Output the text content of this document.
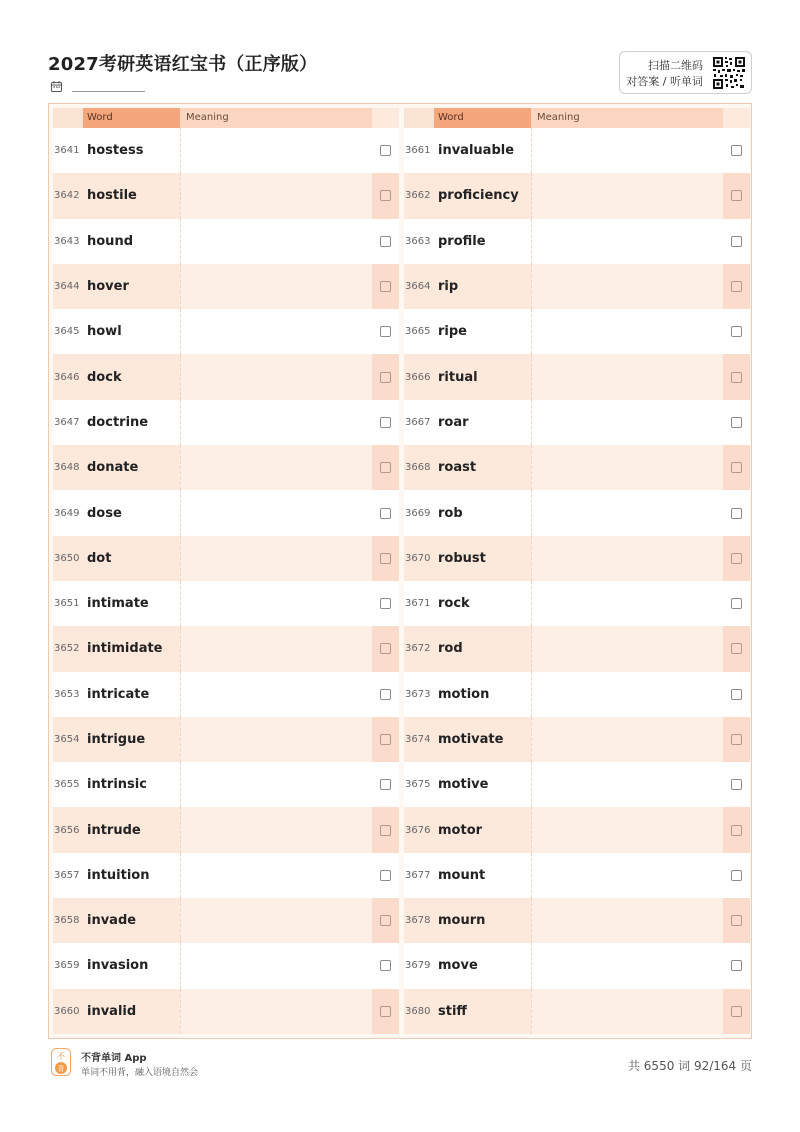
2027考研英语红宝书（正序版）	扫描二维码
对答案 / 听单词
Word	Meaning
3641 hostess
3642 hostile
3643 hound
3644 hover
3645 howl
3646 dock
3647 doctrine
3648 donate
3649 dose
3650 dot
3651 intimate
3652 intimidate
3653 intricate
3654 intrigue
3655 intrinsic
3656 intrude
3657 intuition
3658 invade
3659 invasion
3660 invalid
Word	Meaning
3661 invaluable
3662 proficiency
3663 profile
3664 rip
3665 ripe
3666 ritual
3667 roar
3668 roast
3669 rob
3670 robust
3671 rock
3672 rod
3673 motion
3674 motivate
3675 motive
3676 motor
3677 mount
3678 mourn
3679 move
3680 stiff
不
背
不背单词 App
单词不用背，融入语境自然会	共 6550 词 92/164 页
